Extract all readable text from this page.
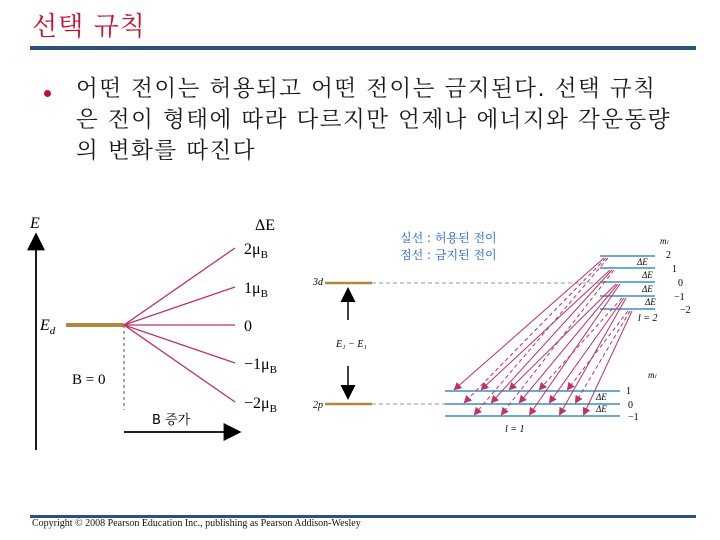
선택 규칙
어떤 전이는 허용되고 어떤 전이는 금지된다. 선택 규칙은 전이 형태에 따라 다르지만 언제나 에너지와 각운동량의 변화를 따진다
E
$E_d$
B = 0
ΔE
$2\mu_B$
$1\mu_B$
0
$-1\mu_B$
$-2\mu_B$
B 증가
실선 : 허용된 전이
점선 : 금지된 전이
3d
2p
E₁ − E₁
mₗ
2
1
0
−1
−2
l = 2
ΔE
ΔE
ΔE
ΔE
mₗ
1
0
−1
l = 1
ΔE
ΔE
Copyright © 2008 Pearson Education Inc., publishing as Pearson Addison-Wesley
